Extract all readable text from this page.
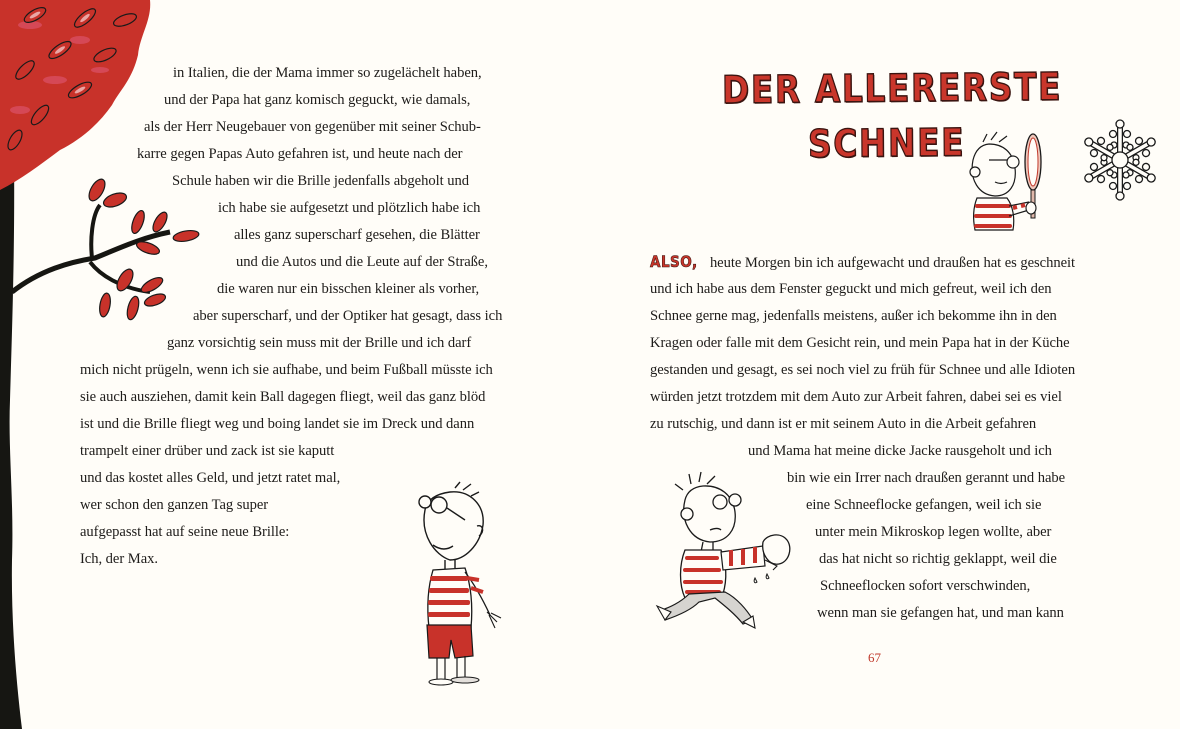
in Italien, die der Mama immer so zugelächelt haben,
und der Papa hat ganz komisch geguckt, wie damals,
als der Herr Neugebauer von gegenüber mit seiner Schub-
karre gegen Papas Auto gefahren ist, und heute nach der
Schule haben wir die Brille jedenfalls abgeholt und
ich habe sie aufgesetzt und plötzlich habe ich
alles ganz superscharf gesehen, die Blätter
und die Autos und die Leute auf der Straße,
die waren nur ein bisschen kleiner als vorher,
aber superscharf, und der Optiker hat gesagt, dass ich
ganz vorsichtig sein muss mit der Brille und ich darf
mich nicht prügeln, wenn ich sie aufhabe, und beim Fußball müsste ich
sie auch ausziehen, damit kein Ball dagegen fliegt, weil das ganz blöd
ist und die Brille fliegt weg und boing landet sie im Dreck und dann
trampelt einer drüber und zack ist sie kaputt
und das kostet alles Geld, und jetzt ratet mal,
wer schon den ganzen Tag super
aufgepasst hat auf seine neue Brille:
Ich, der Max.
DER ALLERERSTE
SCHNEE
ALSO, heute Morgen bin ich aufgewacht und draußen hat es geschneit
und ich habe aus dem Fenster geguckt und mich gefreut, weil ich den
Schnee gerne mag, jedenfalls meistens, außer ich bekomme ihn in den
Kragen oder falle mit dem Gesicht rein, und mein Papa hat in der Küche
gestanden und gesagt, es sei noch viel zu früh für Schnee und alle Idioten
würden jetzt trotzdem mit dem Auto zur Arbeit fahren, dabei sei es viel
zu rutschig, und dann ist er mit seinem Auto in die Arbeit gefahren
und Mama hat meine dicke Jacke rausgeholt und ich
bin wie ein Irrer nach draußen gerannt und habe
eine Schneeflocke gefangen, weil ich sie
unter mein Mikroskop legen wollte, aber
das hat nicht so richtig geklappt, weil die
Schneeflocken sofort verschwinden,
wenn man sie gefangen hat, und man kann
67
